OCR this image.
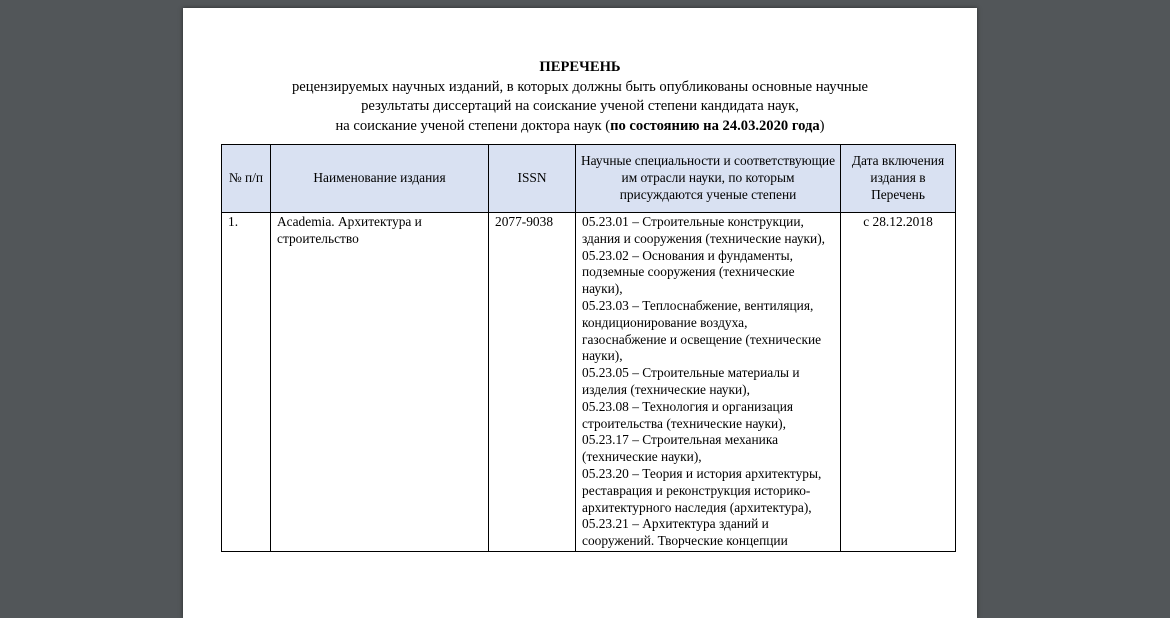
ПЕРЕЧЕНЬ
рецензируемых научных изданий, в которых должны быть опубликованы основные научные
результаты диссертаций на соискание ученой степени кандидата наук,
на соискание ученой степени доктора наук (по состоянию на 24.03.2020 года)
№ п/п	Наименование издания	ISSN	Научные специальности и соответствующие им отрасли науки, по которым присуждаются ученые степени	Дата включения издания в Перечень
1.	Academia. Архитектура и строительство	2077-9038	05.23.01 – Строительные конструкции, здания и сооружения (технические науки),
05.23.02 – Основания и фундаменты, подземные сооружения (технические науки),
05.23.03 – Теплоснабжение, вентиляция, кондиционирование воздуха, газоснабжение и освещение (технические науки),
05.23.05 – Строительные материалы и изделия (технические науки),
05.23.08 – Технология и организация строительства (технические науки),
05.23.17 – Строительная механика (технические науки),
05.23.20 – Теория и история архитектуры, реставрация и реконструкция историко-архитектурного наследия (архитектура),
05.23.21 – Архитектура зданий и сооружений. Творческие концепции
	с 28.12.2018
